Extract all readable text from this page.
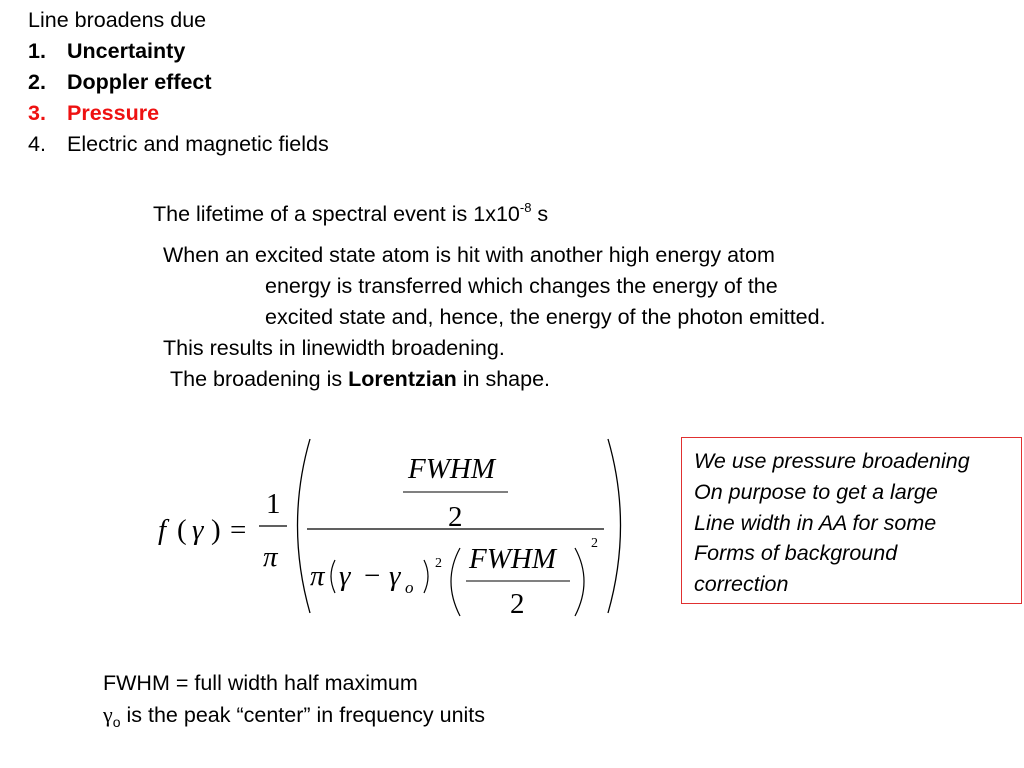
Line broadens due
1. Uncertainty
2. Doppler effect
3. Pressure
4. Electric and magnetic fields
The lifetime of a spectral event is $1x10^{-8}$ s
When an excited state atom is hit with another high energy atom
energy is transferred which changes the energy of the
excited state and, hence, the energy of the photon emitted.
This results in linewidth broadening.
The broadening is Lorentzian in shape.
f ( γ ) =
1
π
FWHM
2
π γ − γ o
2 FWHM
2
2
We use pressure broadening
On purpose to get a large
Line width in AA for some
Forms of background
correction
FWHM = full width half maximum
$\gamma_o$ is the peak “center” in frequency units
